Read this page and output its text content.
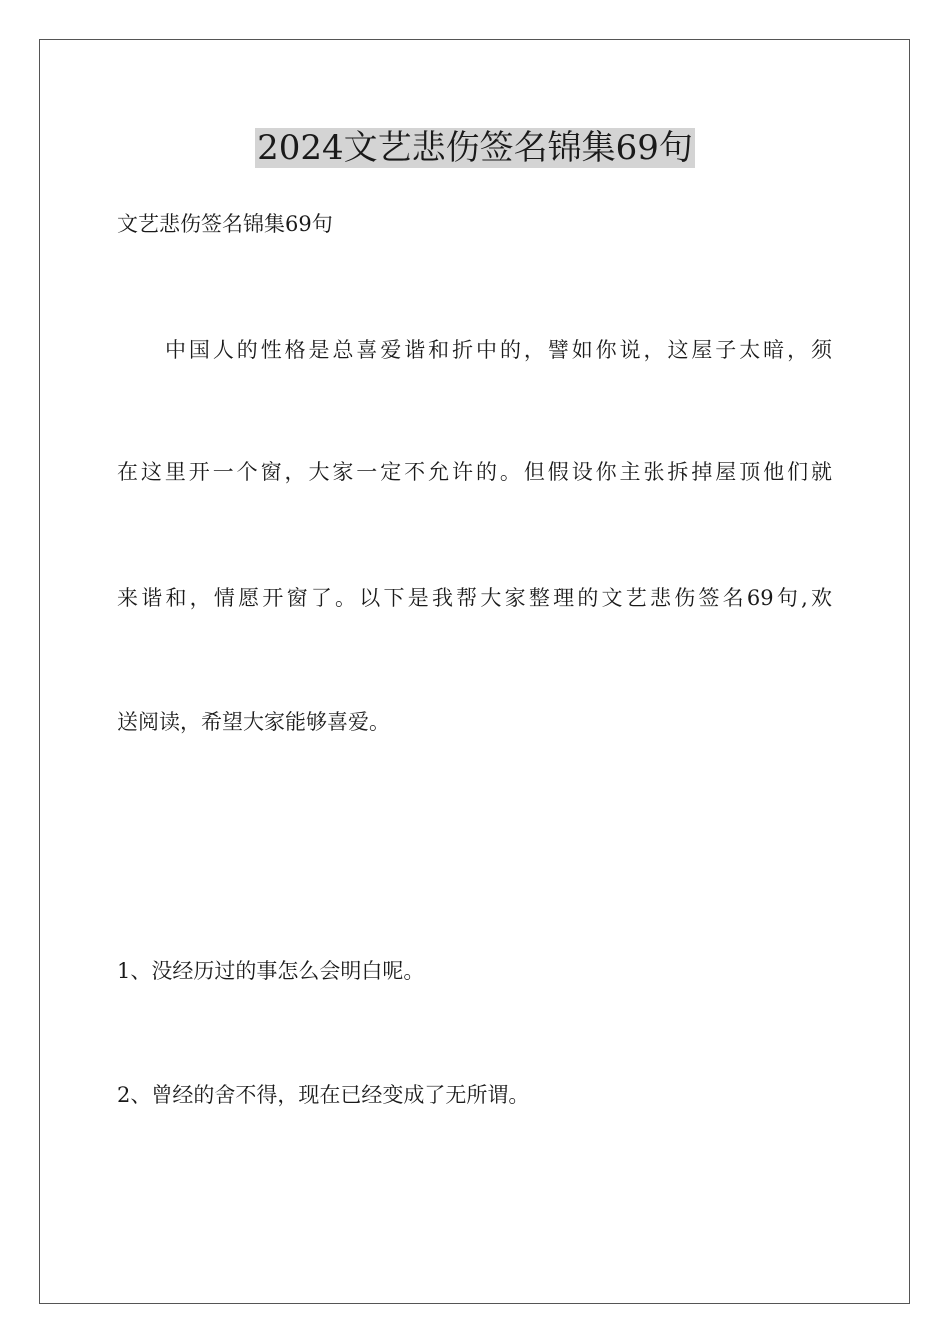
2024文艺悲伤签名锦集69句
文艺悲伤签名锦集69句
中国人的性格是总喜爱谐和折中的，譬如你说，这屋子太暗，须
在这里开一个窗，大家一定不允许的。但假设你主张拆掉屋顶他们就
来谐和，情愿开窗了。以下是我帮大家整理的文艺悲伤签名69句,欢
送阅读，希望大家能够喜爱。
1、没经历过的事怎么会明白呢。
2、曾经的舍不得，现在已经变成了无所谓。
